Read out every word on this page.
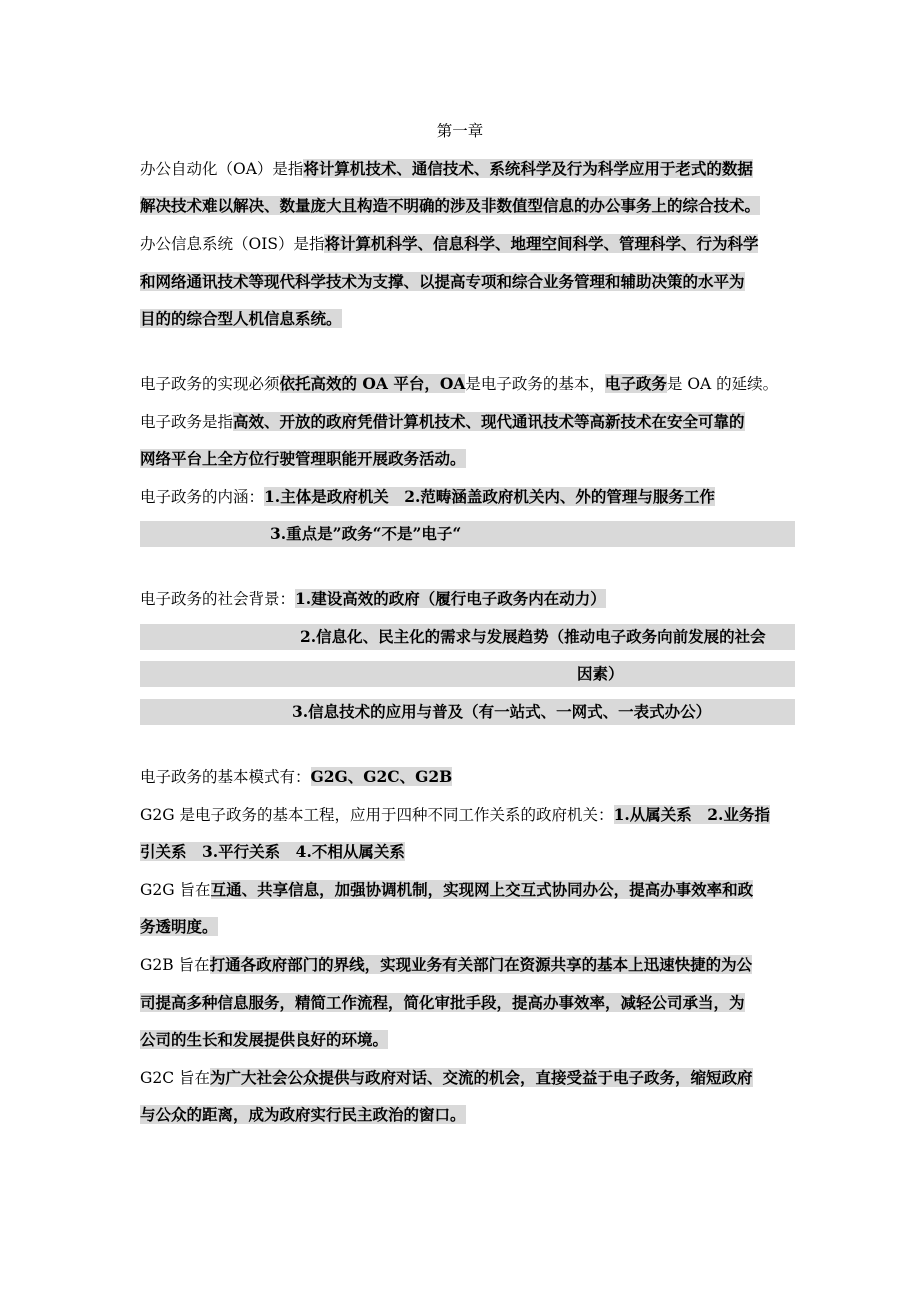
第一章
办公自动化（OA）是指将计算机技术、通信技术、系统科学及行为科学应用于老式的数据
解决技术难以解决、数量庞大且构造不明确的涉及非数值型信息的办公事务上的综合技术。
办公信息系统（OIS）是指将计算机科学、信息科学、地理空间科学、管理科学、行为科学
和网络通讯技术等现代科学技术为支撑、以提高专项和综合业务管理和辅助决策的水平为
目的的综合型人机信息系统。
电子政务的实现必须依托高效的 OA 平台，OA是电子政务的基本，电子政务是 OA 的延续。
电子政务是指高效、开放的政府凭借计算机技术、现代通讯技术等高新技术在安全可靠的
网络平台上全方位行驶管理职能开展政务活动。
电子政务的内涵：1.主体是政府机关　2.范畴涵盖政府机关内、外的管理与服务工作
3.重点是”政务“不是”电子“
电子政务的社会背景：1.建设高效的政府（履行电子政务内在动力）
2.信息化、民主化的需求与发展趋势（推动电子政务向前发展的社会
因素）
3.信息技术的应用与普及（有一站式、一网式、一表式办公）
电子政务的基本模式有：G2G、G2C、G2B
G2G 是电子政务的基本工程，应用于四种不同工作关系的政府机关：1.从属关系　2.业务指
引关系　3.平行关系　4.不相从属关系
G2G 旨在互通、共享信息，加强协调机制，实现网上交互式协同办公，提高办事效率和政
务透明度。
G2B 旨在打通各政府部门的界线，实现业务有关部门在资源共享的基本上迅速快捷的为公
司提高多种信息服务，精简工作流程，简化审批手段，提高办事效率，减轻公司承当，为
公司的生长和发展提供良好的环境。
G2C 旨在为广大社会公众提供与政府对话、交流的机会，直接受益于电子政务，缩短政府
与公众的距离，成为政府实行民主政治的窗口。
